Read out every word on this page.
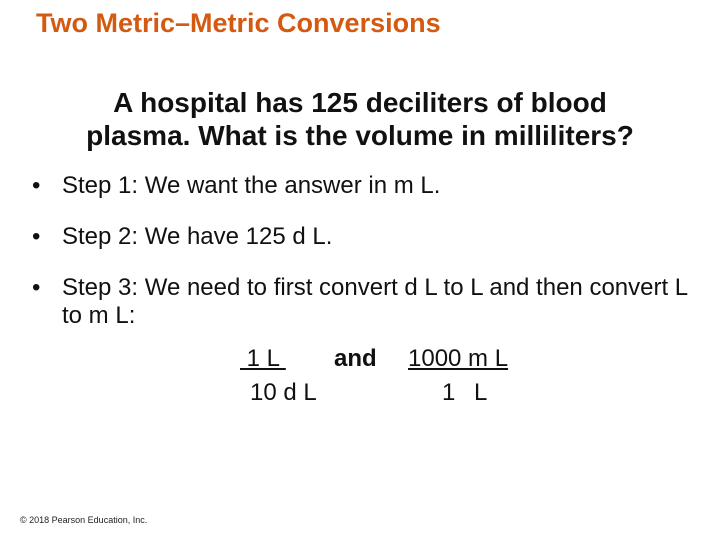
Two Metric–Metric Conversions
A hospital has 125 deciliters of blood
plasma. What is the volume in milliliters?
• Step 1: We want the answer in m L.
• Step 2: We have 125 d L.
• Step 3: We need to first convert d L to L and then convert L to m L:
1 L
10 d L
and 1000 m L
1 L
© 2018 Pearson Education, Inc.
